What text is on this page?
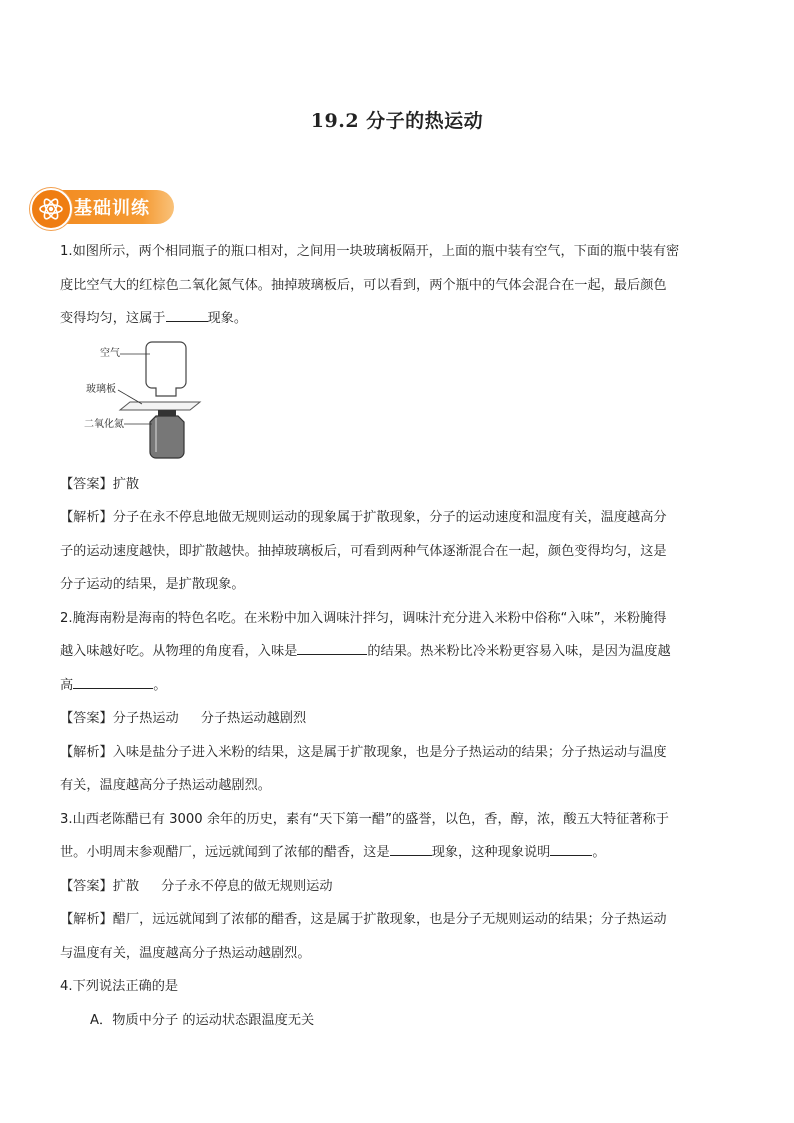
19.2 分子的热运动
基础训练

1.如图所示，两个相同瓶子的瓶口相对，之间用一块玻璃板隔开，上面的瓶中装有空气，下面的瓶中装有密

度比空气大的红棕色二氧化氮气体。抽掉玻璃板后，可以看到，两个瓶中的气体会混合在一起，最后颜色

变得均匀，这属于	现象。

空气
玻璃板
二氧化氮

【答案】扩散

【解析】分子在永不停息地做无规则运动的现象属于扩散现象，分子的运动速度和温度有关，温度越高分

子的运动速度越快，即扩散越快。抽掉玻璃板后，可看到两种气体逐渐混合在一起，颜色变得均匀，这是

分子运动的结果，是扩散现象。

2.腌海南粉是海南的特色名吃。在米粉中加入调味汁拌匀，调味汁充分进入米粉中俗称“入味”，米粉腌得

越入味越好吃。从物理的角度看，入味是	的结果。热米粉比冷米粉更容易入味，是因为温度越

高	。

【答案】分子热运动 分子热运动越剧烈

【解析】入味是盐分子进入米粉的结果，这是属于扩散现象，也是分子热运动的结果；分子热运动与温度

有关，温度越高分子热运动越剧烈。

3.山西老陈醋已有 3000 余年的历史，素有“天下第一醋”的盛誉，以色，香，醇，浓，酸五大特征著称于

世。小明周末参观醋厂，远远就闻到了浓郁的醋香，这是	现象，这种现象说明	。

【答案】扩散 分子永不停息的做无规则运动

【解析】醋厂，远远就闻到了浓郁的醋香，这是属于扩散现象，也是分子无规则运动的结果；分子热运动

与温度有关，温度越高分子热运动越剧烈。

4.下列说法正确的是

A．物质中分子 的运动状态跟温度无关
